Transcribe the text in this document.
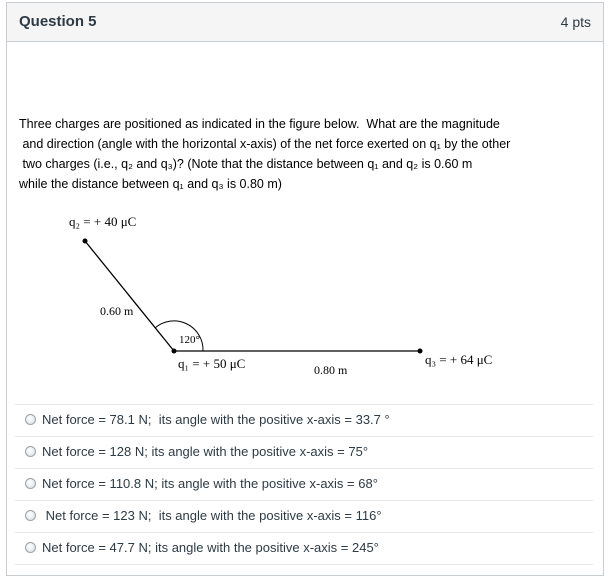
Question 5	4 pts
Three charges are positioned as indicated in the figure below.  What are the magnitude
and direction (angle with the horizontal x-axis) of the net force exerted on q₁ by the other
two charges (i.e., q₂ and q₃)? (Note that the distance between q₁ and q₂ is 0.60 m
while the distance between q₁ and q₃ is 0.80 m)
q₂ = + 40 μC
0.60 m
120°
q₁ = + 50 μC	0.80 m
q₃ = + 64 μC
Net force = 78.1 N;  its angle with the positive x-axis = 33.7 °
Net force = 128 N; its angle with the positive x-axis = 75°
Net force = 110.8 N; its angle with the positive x-axis = 68°
Net force = 123 N;  its angle with the positive x-axis = 116°
Net force = 47.7 N; its angle with the positive x-axis = 245°
